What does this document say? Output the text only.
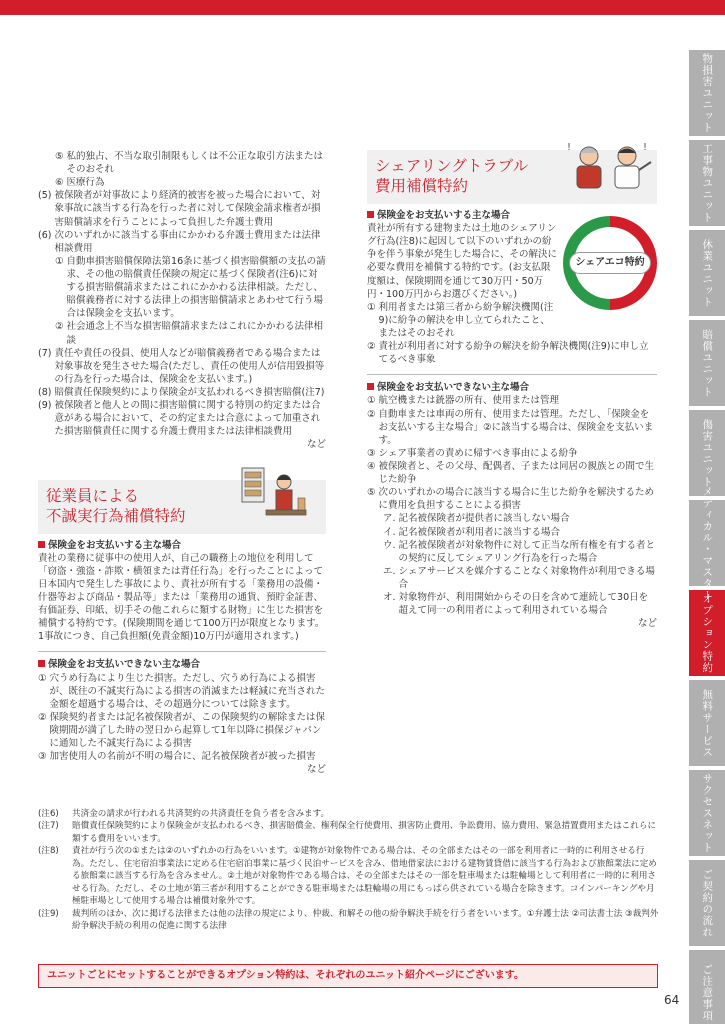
⑤ 私的独占、不当な取引制限もしくは不公正な取引方法またはそのおそれ
⑥ 医療行為
(5) 被保険者が対事故により経済的被害を被った場合において、対象事故に該当する行為を行った者に対して保険金請求権者が損害賠償請求を行うことによって負担した弁護士費用
(6) 次のいずれかに該当する事由にかかわる弁護士費用または法律相談費用
① 自動車損害賠償保障法第16条に基づく損害賠償額の支払の請求、その他の賠償責任保険の規定に基づく保険者(注6)に対する損害賠償請求またはこれにかかわる法律相談。ただし、賠償義務者に対する法律上の損害賠償請求とあわせて行う場合は保険金を支払います。
② 社会通念上不当な損害賠償請求またはこれにかかわる法律相談
(7) 責任や責任の役員、使用人などが賠償義務者である場合または対象事故を発生させた場合(ただし、責任の使用人が信用毀損等の行為を行った場合は、保険金を支払います。)
(8) 賠償責任保険契約により保険金が支払われるべき損害賠償(注7)
(9) 被保険者と他人との間に損害賠償に関する特別の約定または合意がある場合において、その約定または合意によって加重された損害賠償責任に関する弁護士費用または法律相談費用
など
従業員による
不誠実行為補償特約
保険金をお支払いする主な場合
責社の業務に従事中の使用人が、自己の職務上の地位を利用して「窃盗・強盗・詐欺・横領または背任行為」を行ったことによって日本国内で発生した事故により、責社が所有する「業務用の設備・什器等および商品・製品等」または「業務用の通貨、預貯金証書、有価証券、印紙、切手その他これらに類する財物」に生じた損害を補償する特約です。(保険期間を通じて100万円が限度となります。1事故につき、自己負担額(免責金額)10万円が適用されます。)
保険金をお支払いできない主な場合
① 穴うめ行為により生じた損害。ただし、穴うめ行為による損害が、既往の不誠実行為による損害の消滅または軽減に充当された金額を超過する場合は、その超過分については除きます。
② 保険契約者または記名被保険者が、この保険契約の解除または保険期間が満了した時の翌日から起算して1年以降に損保ジャパンに通知した不誠実行為による損害
③ 加害使用人の名前が不明の場合に、記名被保険者が被った損害
など
シェアリングトラブル
費用補償特約
!	!
保険金をお支払いする主な場合
シェアエコ特約
責社が所有する建物または土地のシェアリング行為(注8)に起因して以下のいずれかの紛争を伴う事象が発生した場合に、その解決に必要な費用を補償する特約です。(お支払限度額は、保険期間を通じて30万円・50万円・100万円からお選びください。)
① 利用者または第三者から紛争解決機関(注9)に紛争の解決を申し立てられたこと、またはそのおそれ
② 責社が利用者に対する紛争の解決を紛争解決機関(注9)に申し立てるべき事象
保険金をお支払いできない主な場合
① 航空機または銃器の所有、使用または管理
② 自動車または車両の所有、使用または管理。ただし、「保険金をお支払いする主な場合」②に該当する場合は、保険金を支払います。
③ シェア事業者の責めに帰すべき事由による紛争
④ 被保険者と、その父母、配偶者、子または同居の親族との間で生じた紛争
⑤ 次のいずれかの場合に該当する場合に生じた紛争を解決するために費用を負担することによる損害
ア. 記名被保険者が提供者に該当しない場合
イ. 記名被保険者が利用者に該当する場合
ウ. 記名被保険者が対象物件に対して正当な所有権を有する者との契約に反してシェアリング行為を行った場合
エ. シェアサービスを媒介することなく対象物件が利用できる場合
オ. 対象物件が、利用開始からその日を含めて連続して30日を超えて同一の利用者によって利用されている場合
など
(注6)	共済金の請求が行われる共済契約の共済責任を負う者を含みます。
(注7)	賠償責任保険契約により保険金が支払われるべき、損害賠償金、権利保全行使費用、損害防止費用、争訟費用、協力費用、緊急措置費用またはこれらに類する費用をいいます。
(注8)	責社が行う次の①または②のいずれかの行為をいいます。①建物が対象物件である場合は、その全部またはその一部を利用者に一時的に利用させる行為。ただし、住宅宿泊事業法に定める住宅宿泊事業に基づく民泊サービスを含み、借地借家法における建物賃貸借に該当する行為および旅館業法に定める旅館業に該当する行為を含みません。②土地が対象物件である場合は、その全部またはその一部を駐車場または駐輪場として利用者に一時的に利用させる行為。ただし、その土地が第三者が利用することができる駐車場または駐輪場の用にもっぱら供されている場合を除きます。コインパーキングや月極駐車場として使用する場合は補償対象外です。
(注9)	裁判所のほか、次に掲げる法律または他の法律の規定により、仲裁、和解その他の紛争解決手続を行う者をいいます。①弁護士法 ②司法書士法 ③裁判外紛争解決手続の利用の促進に関する法律
ユニットごとにセットすることができるオプション特約は、それぞれのユニット紹介ページにございます。
物損害ユニット
工事物ユニット
休業ユニット
賠償ユニット
傷害ユニット
メディカル・マスター
オプション特約
無料サービス
サクセスネット
ご契約の流れ
ご注意事項
64
